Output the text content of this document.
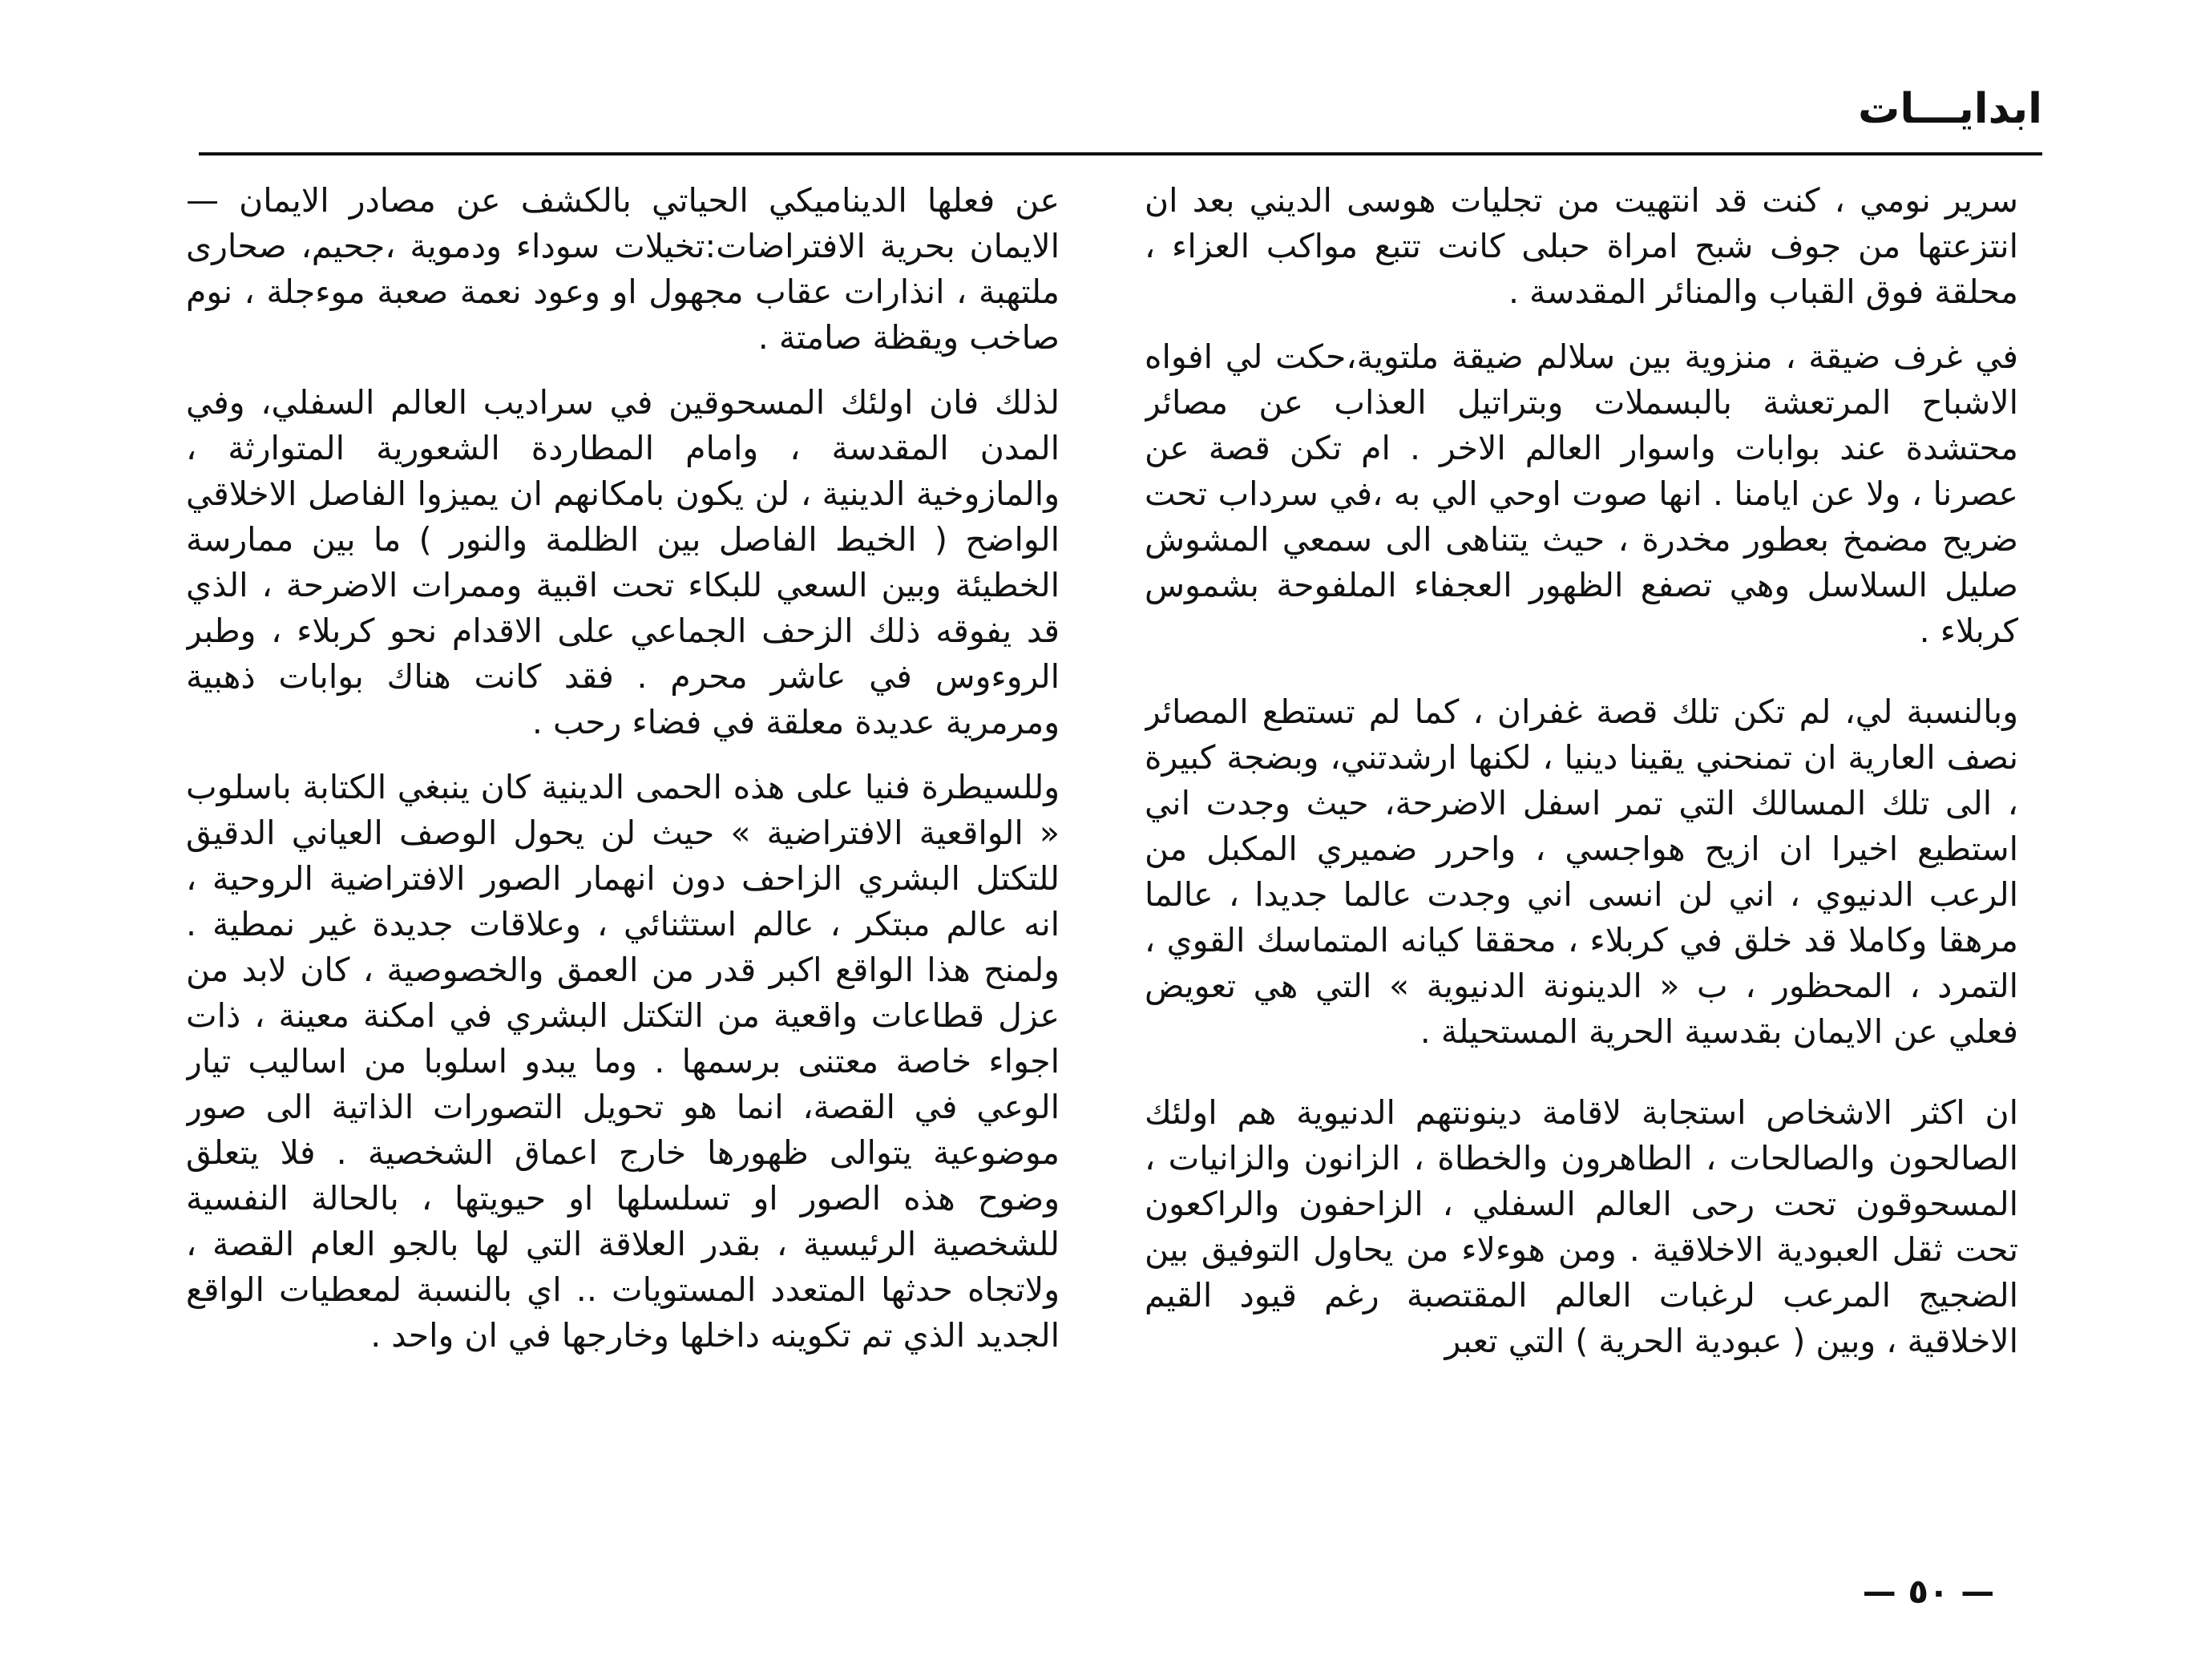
ابدايـــات

سرير نومي ، كنت قد انتهيت من تجليات هوسى الديني بعد ان انتزعتها من جوف شبح امراة حبلى كانت تتبع مواكب العزاء ، محلقة فوق القباب والمنائر المقدسة .

في غرف ضيقة ، منزوية بين سلالم ضيقة ملتوية،حكت لي افواه الاشباح المرتعشة بالبسملات وبتراتيل العذاب عن مصائر محتشدة عند بوابات واسوار العالم الاخر . ام تكن قصة عن عصرنا ، ولا عن ايامنا . انها صوت اوحي الي به ،في سرداب تحت ضريح مضمخ بعطور مخدرة ، حيث يتناهى الى سمعي المشوش صليل السلاسل وهي تصفع الظهور العجفاء الملفوحة بشموس كربلاء .

وبالنسبة لي، لم تكن تلك قصة غفران ، كما لم تستطع المصائر نصف العارية ان تمنحني يقينا دينيا ، لكنها ارشدتني، وبضجة كبيرة ، الى تلك المسالك التي تمر اسفل الاضرحة، حيث وجدت اني استطيع اخيرا ان ازيح هواجسي ، واحرر ضميري المكبل من الرعب الدنيوي ، اني لن انسى اني وجدت عالما جديدا ، عالما مرهقا وكاملا قد خلق في كربلاء ، محققا كيانه المتماسك القوي ، التمرد ، المحظور ، ب « الدينونة الدنيوية » التي هي تعويض فعلي عن الايمان بقدسية الحرية المستحيلة .

ان اكثر الاشخاص استجابة لاقامة دينونتهم الدنيوية هم اولئك الصالحون والصالحات ، الطاهرون والخطاة ، الزانون والزانيات ، المسحوقون تحت رحى العالم السفلي ، الزاحفون والراكعون تحت ثقل العبودية الاخلاقية . ومن هوءلاء من يحاول التوفيق بين الضجيج المرعب لرغبات العالم المقتصبة رغم قيود القيم الاخلاقية ، وبين ( عبودية الحرية ) التي تعبر

عن فعلها الديناميكي الحياتي بالكشف عن مصادر الايمان — الايمان بحرية الافتراضات:تخيلات سوداء ودموية ،جحيم، صحارى ملتهبة ، انذارات عقاب مجهول او وعود نعمة صعبة موءجلة ، نوم صاخب ويقظة صامتة .

لذلك فان اولئك المسحوقين في سراديب العالم السفلي، وفي المدن المقدسة ، وامام المطاردة الشعورية المتوارثة ، والمازوخية الدينية ، لن يكون بامكانهم ان يميزوا الفاصل الاخلاقي الواضح ( الخيط الفاصل بين الظلمة والنور ) ما بين ممارسة الخطيئة وبين السعي للبكاء تحت اقبية وممرات الاضرحة ، الذي قد يفوقه ذلك الزحف الجماعي على الاقدام نحو كربلاء ، وطبر الروءوس في عاشر محرم . فقد كانت هناك بوابات ذهبية ومرمرية عديدة معلقة في فضاء رحب .

وللسيطرة فنيا على هذه الحمى الدينية كان ينبغي الكتابة باسلوب « الواقعية الافتراضية » حيث لن يحول الوصف العياني الدقيق للتكتل البشري الزاحف دون انهمار الصور الافتراضية الروحية ، انه عالم مبتكر ، عالم استثنائي ، وعلاقات جديدة غير نمطية . ولمنح هذا الواقع اكبر قدر من العمق والخصوصية ، كان لابد من عزل قطاعات واقعية من التكتل البشري في امكنة معينة ، ذات اجواء خاصة معتنى برسمها . وما يبدو اسلوبا من اساليب تيار الوعي في القصة، انما هو تحويل التصورات الذاتية الى صور موضوعية يتوالى ظهورها خارج اعماق الشخصية . فلا يتعلق وضوح هذه الصور او تسلسلها او حيويتها ، بالحالة النفسية للشخصية الرئيسية ، بقدر العلاقة التي لها بالجو العام القصة ، ولاتجاه حدثها المتعدد المستويات .. اي بالنسبة لمعطيات الواقع الجديد الذي تم تكوينه داخلها وخارجها في ان واحد .

— ٥٠ —
